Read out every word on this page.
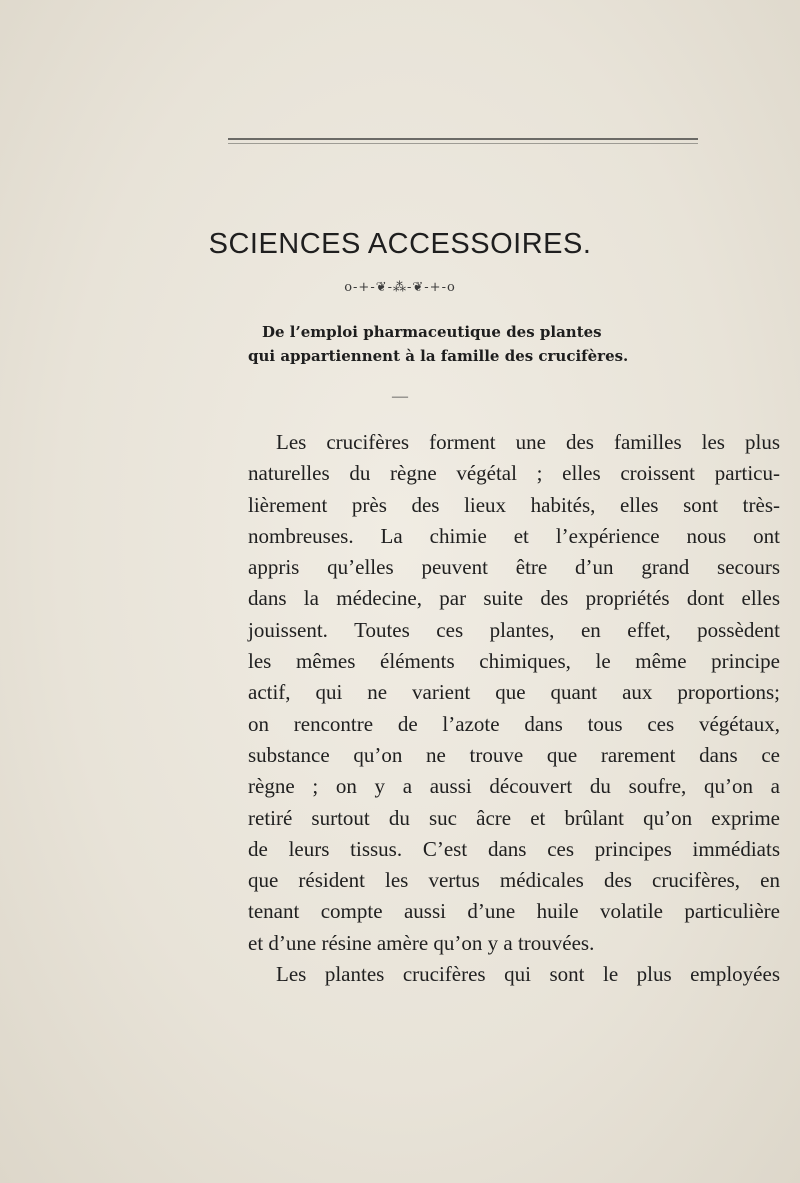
SCIENCES ACCESSOIRES.
o-+-❦-⁂-❦-+-o
De l’emploi pharmaceutique des plantes
qui appartiennent à la famille des crucifères.
—
Les crucifères forment une des familles les plus
naturelles du règne végétal ; elles croissent particu-
lièrement près des lieux habités, elles sont très-
nombreuses. La chimie et l’expérience nous ont
appris qu’elles peuvent être d’un grand secours
dans la médecine, par suite des propriétés dont elles
jouissent. Toutes ces plantes, en effet, possèdent
les mêmes éléments chimiques, le même principe
actif, qui ne varient que quant aux proportions;
on rencontre de l’azote dans tous ces végétaux,
substance qu’on ne trouve que rarement dans ce
règne ; on y a aussi découvert du soufre, qu’on a
retiré surtout du suc âcre et brûlant qu’on exprime
de leurs tissus. C’est dans ces principes immédiats
que résident les vertus médicales des crucifères, en
tenant compte aussi d’une huile volatile particulière
et d’une résine amère qu’on y a trouvées.
Les plantes crucifères qui sont le plus employées
